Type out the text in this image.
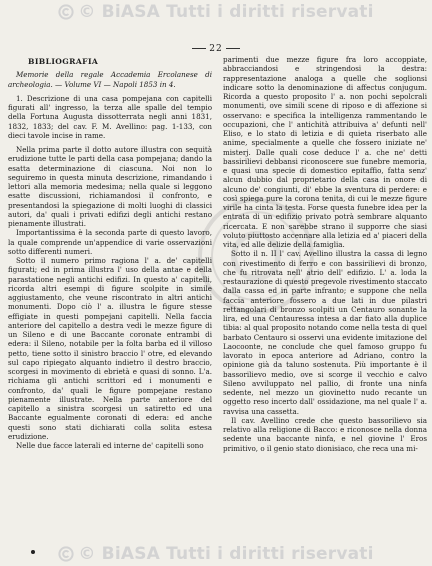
© BiASA Tutti i diritti riservati
22
BIBLIOGRAFIA

Memorie della regale Accademia Ercolanese di archeologia. — Volume VI — Napoli 1853 in 4.

1. Descrizione di una casa pompejana con capitelli figurati all' ingresso, la terza alle spalle del tempio della Fortuna Augusta dissotterrata negli anni 1831, 1832, 1833; del cav. F. M. Avellino: pag. 1-133, con dieci tavole incise in rame.

Nella prima parte il dotto autore illustra con sequità erudizione tutte le parti della casa pompejana; dando la esatta determinazione di ciascuna. Noi non lo seguiremo in questa minuta descrizione, rimandando i lettori alla memoria medesima; nella quale si leggono esatte discussioni, richiamandosi il confronto, e presentandosi la spiegazione di molti luoghi di classici autori, da' quali i privati edifizi degli antichi restano pienamente illustrati.

Importantissima è la seconda parte di questo lavoro, la quale comprende un'appendice di varie osservazioni sotto differenti numeri.

Sotto il numero primo ragiona l' a. de' capitelli figurati; ed in prima illustra l' uso della antae e della parastatione negli antichi edifizi. In questo a' capitelli, ricorda altri esempi di figure scolpite in simile aggiustamento, che veune riscontrato in altri antichi monumenti. Dopo ciò l' a. illustra le figure stesse effigiate in questi pompejani capitelli. Nella faccia anteriore del capitello a destra vedi le mezze figure di un Sileno e di une Baccante coronate entrambi di edera: il Sileno, notabile per la folta barba ed il villoso petto, tiene sotto il sinistro braccio l' otre, ed elevando sul capo ripiegato alquanto indietro il destro braccio, scorgesi in movimento di ebrietà e quasi di sonno. L'a. richiama gli antichi scrittori ed i monumenti e confronto, da' quali le figure pompejane restano pienamente illustrate. Nella parte anteriore del capitello a sinistra scorgesi un satiretto ed una Baccante egualmente coronati di edera: ed anche questi sono stati dichiarati colla solita estesa erudizione.

Nelle due facce laterali ed interne de' capitelli sono

parimenti due mezze figure fra loro accoppiate, abbracciandosi e stringendosi la destra: rappresentazione analoga a quelle che soglionsi indicare sotto la denominazione di affectus conjugum. Ricorda a questo proposito l' a. non pochi sepolcrali monumenti, ove simili scene di riposo e di affezione si osservano: e specifica la intelligenza rammentando le occupazioni, che l' antichità attribuiva a' defunti nell' Eliso, e lo stato di letizia e di quieta riserbato alle anime, specialmente a quelle che fossero iniziate ne' misterj. Dalle quali cose deduce l' a. che ne' detti bassirilievi debbansi riconoscere sue funebre memoria, e quasi una specie di domestico epitaffio, fatta senz' alcun dubbio dal proprietario della casa in onore di alcuno de' congiunti, di' ebbe la sventura di perdere: e così spiega pure la corona tenita, di cui le mezze figure virile ha cinta la testa. Forse questa funebre idea per la entrata di un edifizio privato potrà sembrare alquanto ricercata. E non sarebbe strano il supporre che siasi voluto piuttosto accennare alla letizia ed a' piaceri della vita, ed alle delizie della famiglia.

Sotto il n. II l' cav. Avellino illustra la cassa di legno con rivestimento di ferro e con bassirilievi di bronzo, che fu ritrovata nell' atrio dell' edifizio. L' a. loda la restaurazione di questo pregevole rivestimento staccato dalla cassa ed in parte infranto; e suppone che nella faccia anteriore fossero a due lati in due pilastri rettangolari di bronzo scolpiti un Centauro sonante la lira, ed una Centauressa intesa a dar fiato alla duplice tibia: al qual proposito notando come nella testa di quel barbato Centauro si osservi una evidente imitazione del Laocoonte, ne conclude che quel famoso gruppo fu lavorato in epoca anteriore ad Adriano, contro la opinione già da taluno sostenuta. Più importante è il bassorilievo medio, ove si scorge il vecchio e calvo Sileno avviluppato nel pallio, di fronte una ninfa sedente, nel mezzo un giovinetto nudo recante un oggetto reso incerto dall' ossidazione, ma nel quale l' a. ravvisa una cassetta.

Il cav. Avellino crede che questo bassorilievo sia relativo alla religione di Bacco: e riconosce nella donna sedente una baccante ninfa, e nel giovine l' Eros primitivo, o il genio stato dionisiaco, che reca una mi-

© BiASA Tutti i diritti riservati
